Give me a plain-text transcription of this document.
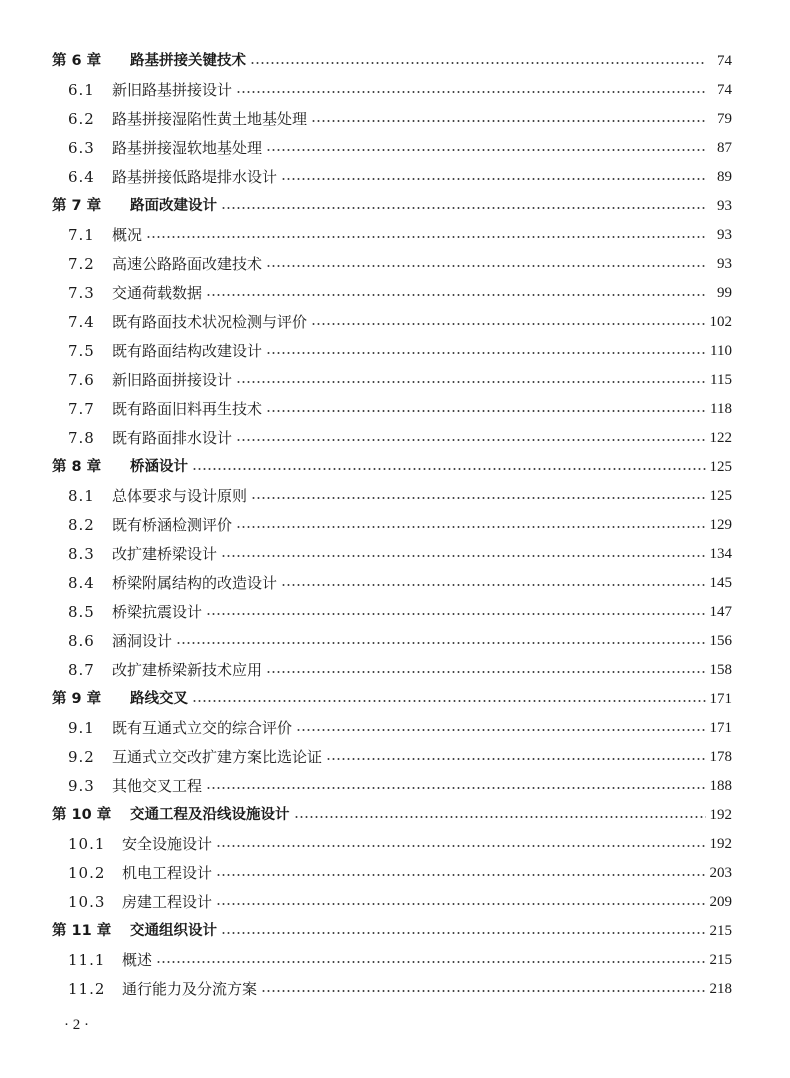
第 6 章	路基拼接关键技术	74
6.1	新旧路基拼接设计	74
6.2	路基拼接湿陷性黄土地基处理	79
6.3	路基拼接湿软地基处理	87
6.4	路基拼接低路堤排水设计	89
第 7 章	路面改建设计	93
7.1	概况	93
7.2	高速公路路面改建技术	93
7.3	交通荷载数据	99
7.4	既有路面技术状况检测与评价	102
7.5	既有路面结构改建设计	110
7.6	新旧路面拼接设计	115
7.7	既有路面旧料再生技术	118
7.8	既有路面排水设计	122
第 8 章	桥涵设计	125
8.1	总体要求与设计原则	125
8.2	既有桥涵检测评价	129
8.3	改扩建桥梁设计	134
8.4	桥梁附属结构的改造设计	145
8.5	桥梁抗震设计	147
8.6	涵洞设计	156
8.7	改扩建桥梁新技术应用	158
第 9 章	路线交叉	171
9.1	既有互通式立交的综合评价	171
9.2	互通式立交改扩建方案比选论证	178
9.3	其他交叉工程	188
第 10 章	交通工程及沿线设施设计	192
10.1	安全设施设计	192
10.2	机电工程设计	203
10.3	房建工程设计	209
第 11 章	交通组织设计	215
11.1	概述	215
11.2	通行能力及分流方案	218
· 2 ·
